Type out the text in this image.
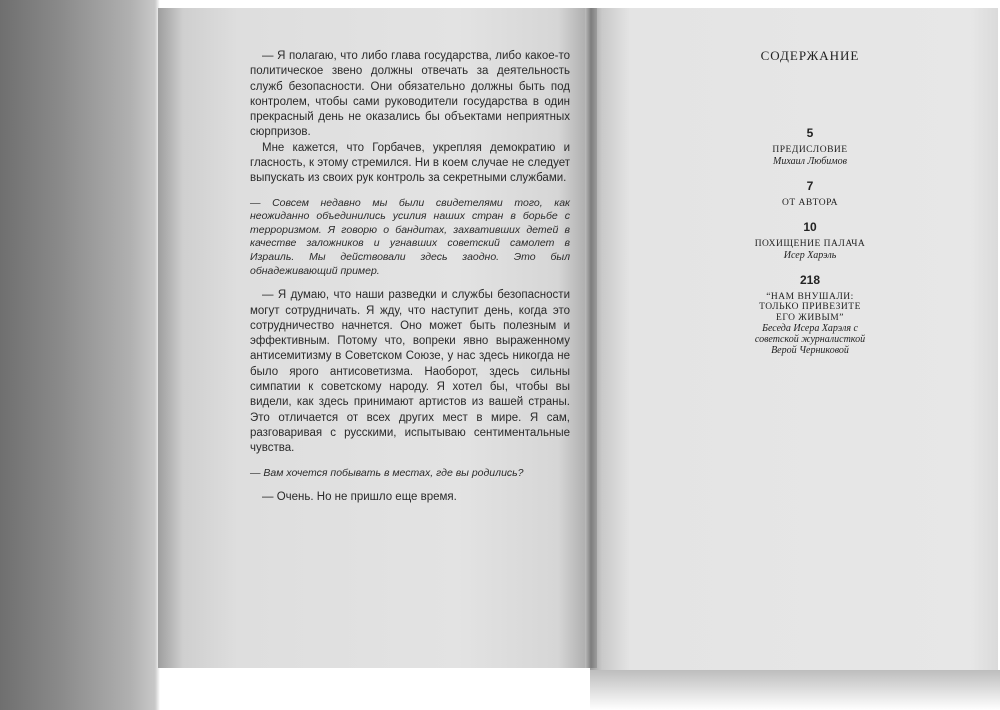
— Я полагаю, что либо глава государства, либо какое-то политическое звено должны отвечать за деятельность служб безопасности. Они обязательно должны быть под контролем, чтобы сами руководители государства в один прекрасный день не оказались бы объектами неприятных сюрпризов.

Мне кажется, что Горбачев, укрепляя демократию и гласность, к этому стремился. Ни в коем случае не следует выпускать из своих рук контроль за секретными службами.

— Совсем недавно мы были свидетелями того, как неожиданно объединились усилия наших стран в борьбе с терроризмом. Я говорю о бандитах, захвативших детей в качестве заложников и угнавших советский самолет в Израиль. Мы действовали здесь заодно. Это был обнадеживающий пример.

— Я думаю, что наши разведки и службы безопасности могут сотрудничать. Я жду, что наступит день, когда это сотрудничество начнется. Оно может быть полезным и эффективным. Потому что, вопреки явно выраженному антисемитизму в Советском Союзе, у нас здесь никогда не было ярого антисоветизма. Наоборот, здесь сильны симпатии к советскому народу. Я хотел бы, чтобы вы видели, как здесь принимают артистов из вашей страны. Это отличается от всех других мест в мире. Я сам, разговаривая с русскими, испытываю сентиментальные чувства.

— Вам хочется побывать в местах, где вы родились?

— Очень. Но не пришло еще время.

СОДЕРЖАНИЕ
5
ПРЕДИСЛОВИЕ
Михаил Любимов
7
ОТ АВТОРА
10
ПОХИЩЕНИЕ ПАЛАЧА
Исер Харэль
218
“НАМ ВНУШАЛИ: ТОЛЬКО ПРИВЕЗИТЕ ЕГО ЖИВЫМ”
Беседа Исера Харэля с советской журналисткой Верой Черниковой
